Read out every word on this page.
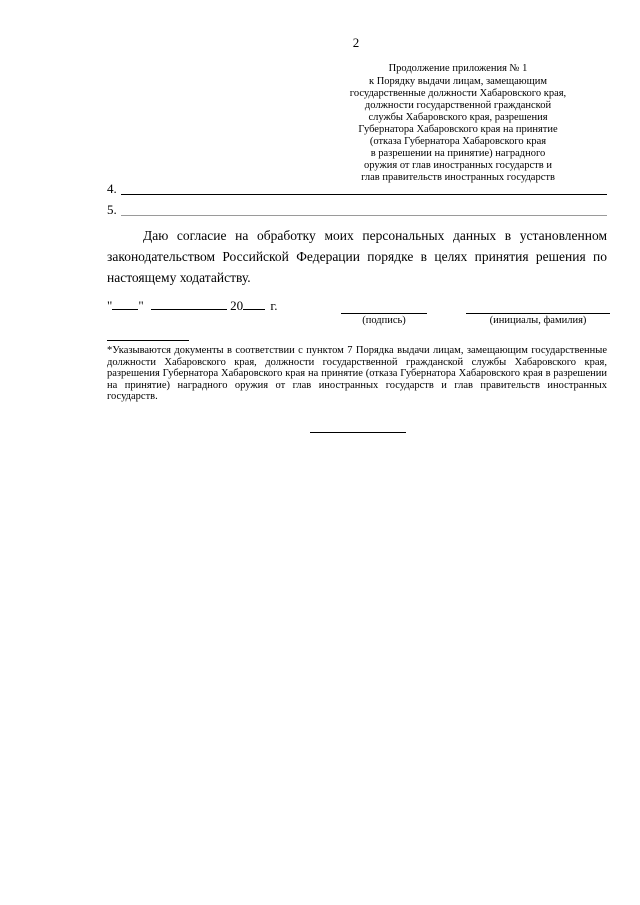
2
Продолжение приложения № 1
к Порядку выдачи лицам, замещающим
государственные должности Хабаровского края,
должности государственной гражданской
службы Хабаровского края, разрешения
Губернатора Хабаровского края на принятие
(отказа Губернатора Хабаровского края
в разрешении на принятие) наградного
оружия от глав иностранных государств и
глав правительств иностранных государств
4.
5.
Даю согласие на обработку моих персональных данных в установленном законодательством Российской Федерации порядке в целях принятия решения по настоящему ходатайству.
" "	20 г.
(подпись)	(инициалы, фамилия)
*Указываются документы в соответствии с пунктом 7 Порядка выдачи лицам, замещающим государственные должности Хабаровского края, должности государственной гражданской службы Хабаровского края, разрешения Губернатора Хабаровского края на принятие (отказа Губернатора Хабаровского края в разрешении на принятие) наградного оружия от глав иностранных государств и глав правительств иностранных государств.
